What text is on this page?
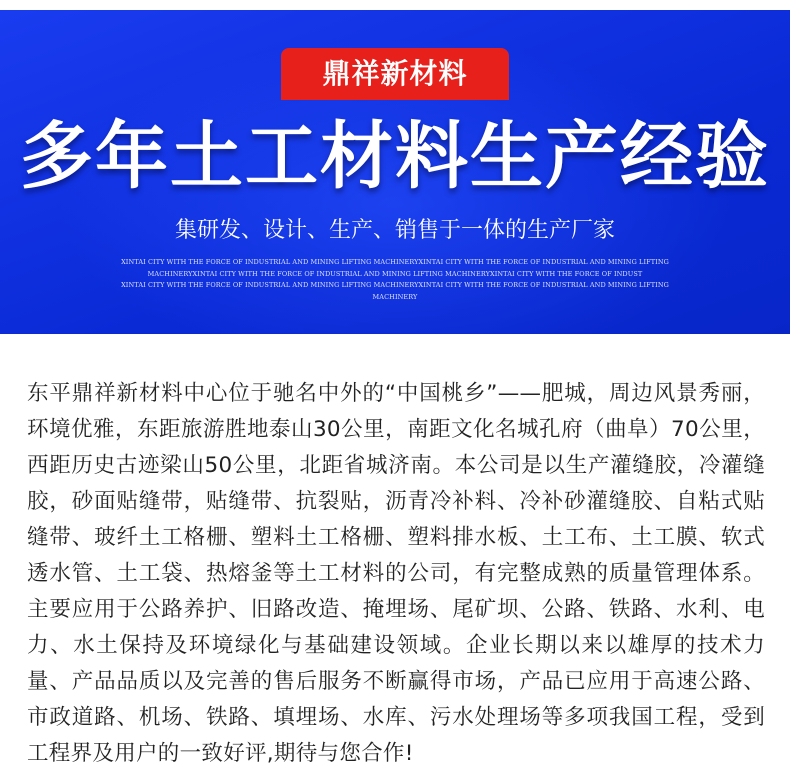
鼎祥新材料
多年土工材料生产经验
集研发、设计、生产、销售于一体的生产厂家
XINTAI CITY WITH THE FORCE OF INDUSTRIAL AND MINING LIFTING MACHINERYXINTAI CITY WITH THE FORCE OF INDUSTRIAL AND MINING LIFTING
MACHINERYXINTAI CITY WITH THE FORCE OF INDUSTRIAL AND MINING LIFTING MACHINERYXINTAI CITY WITH THE FORCE OF INDUST
XINTAI CITY WITH THE FORCE OF INDUSTRIAL AND MINING LIFTING MACHINERYXINTAI CITY WITH THE FORCE OF INDUSTRIAL AND MINING LIFTING MACHINERY

东平鼎祥新材料中心位于驰名中外的“中国桃乡”——肥城，周边风景秀丽，环境优雅，东距旅游胜地泰山30公里，南距文化名城孔府（曲阜）70公里，西距历史古迹梁山50公里，北距省城济南。本公司是以生产灌缝胶，冷灌缝胶，砂面贴缝带，贴缝带、抗裂贴，沥青冷补料、冷补砂灌缝胶、自粘式贴缝带、玻纤土工格栅、塑料土工格栅、塑料排水板、土工布、土工膜、软式透水管、土工袋、热熔釜等土工材料的公司，有完整成熟的质量管理体系。主要应用于公路养护、旧路改造、掩埋场、尾矿坝、公路、铁路、水利、电力、水土保持及环境绿化与基础建设领域。企业长期以来以雄厚的技术力量、产品品质以及完善的售后服务不断赢得市场，产品已应用于高速公路、市政道路、机场、铁路、填埋场、水库、污水处理场等多项我国工程，受到工程界及用户的一致好评,期待与您合作!
